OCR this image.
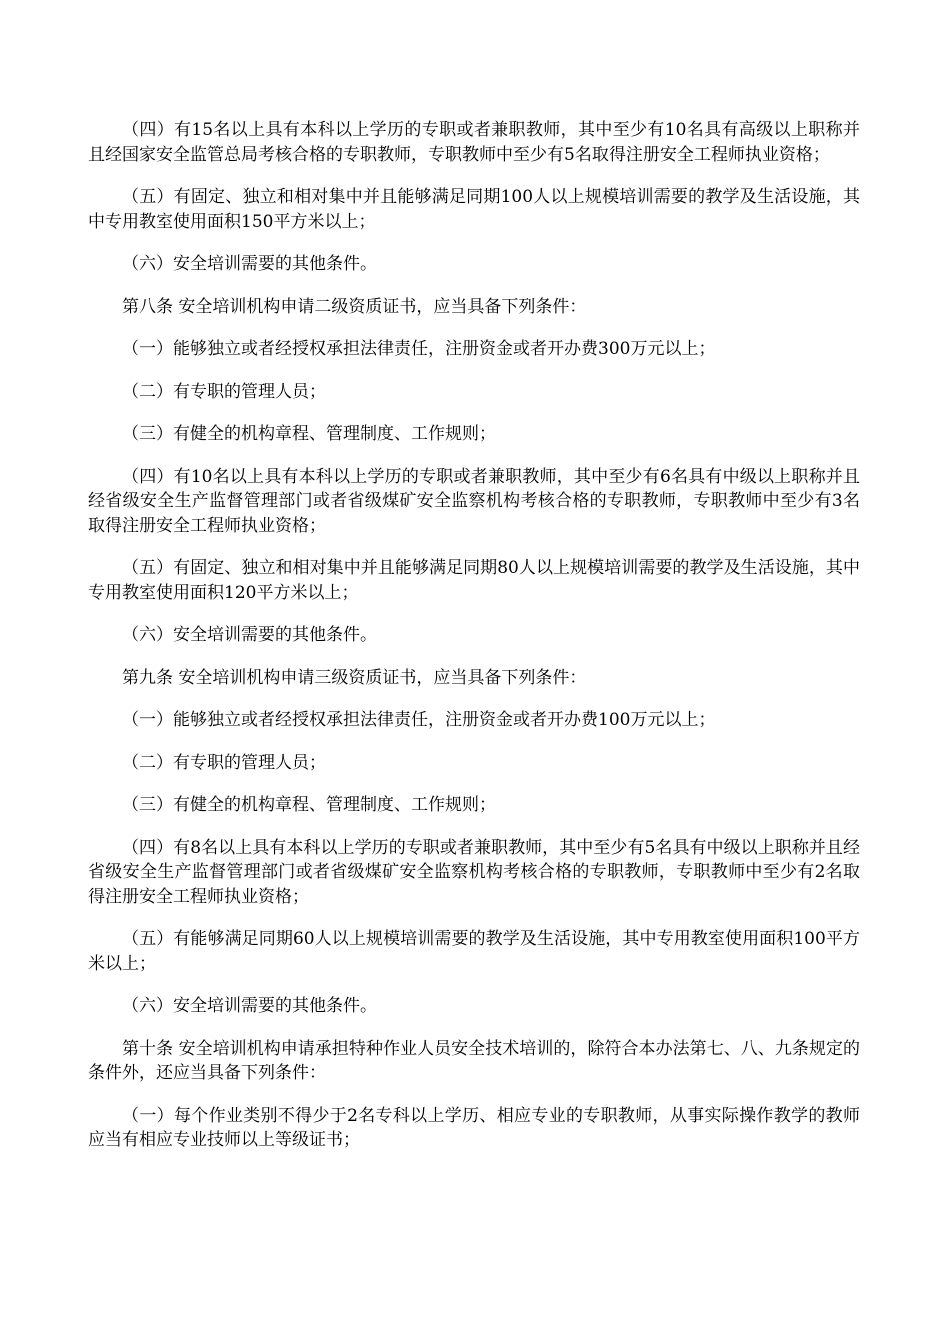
（四）有15名以上具有本科以上学历的专职或者兼职教师，其中至少有10名具有高级以上职称并且经国家安全监管总局考核合格的专职教师，专职教师中至少有5名取得注册安全工程师执业资格；

（五）有固定、独立和相对集中并且能够满足同期100人以上规模培训需要的教学及生活设施，其中专用教室使用面积150平方米以上；

（六）安全培训需要的其他条件。

第八条 安全培训机构申请二级资质证书，应当具备下列条件：

（一）能够独立或者经授权承担法律责任，注册资金或者开办费300万元以上；

（二）有专职的管理人员；

（三）有健全的机构章程、管理制度、工作规则；

（四）有10名以上具有本科以上学历的专职或者兼职教师，其中至少有6名具有中级以上职称并且经省级安全生产监督管理部门或者省级煤矿安全监察机构考核合格的专职教师，专职教师中至少有3名取得注册安全工程师执业资格；

（五）有固定、独立和相对集中并且能够满足同期80人以上规模培训需要的教学及生活设施，其中专用教室使用面积120平方米以上；

（六）安全培训需要的其他条件。

第九条 安全培训机构申请三级资质证书，应当具备下列条件：

（一）能够独立或者经授权承担法律责任，注册资金或者开办费100万元以上；

（二）有专职的管理人员；

（三）有健全的机构章程、管理制度、工作规则；

（四）有8名以上具有本科以上学历的专职或者兼职教师，其中至少有5名具有中级以上职称并且经省级安全生产监督管理部门或者省级煤矿安全监察机构考核合格的专职教师，专职教师中至少有2名取得注册安全工程师执业资格；

（五）有能够满足同期60人以上规模培训需要的教学及生活设施，其中专用教室使用面积100平方米以上；

（六）安全培训需要的其他条件。

第十条 安全培训机构申请承担特种作业人员安全技术培训的，除符合本办法第七、八、九条规定的条件外，还应当具备下列条件：

（一）每个作业类别不得少于2名专科以上学历、相应专业的专职教师，从事实际操作教学的教师应当有相应专业技师以上等级证书；
